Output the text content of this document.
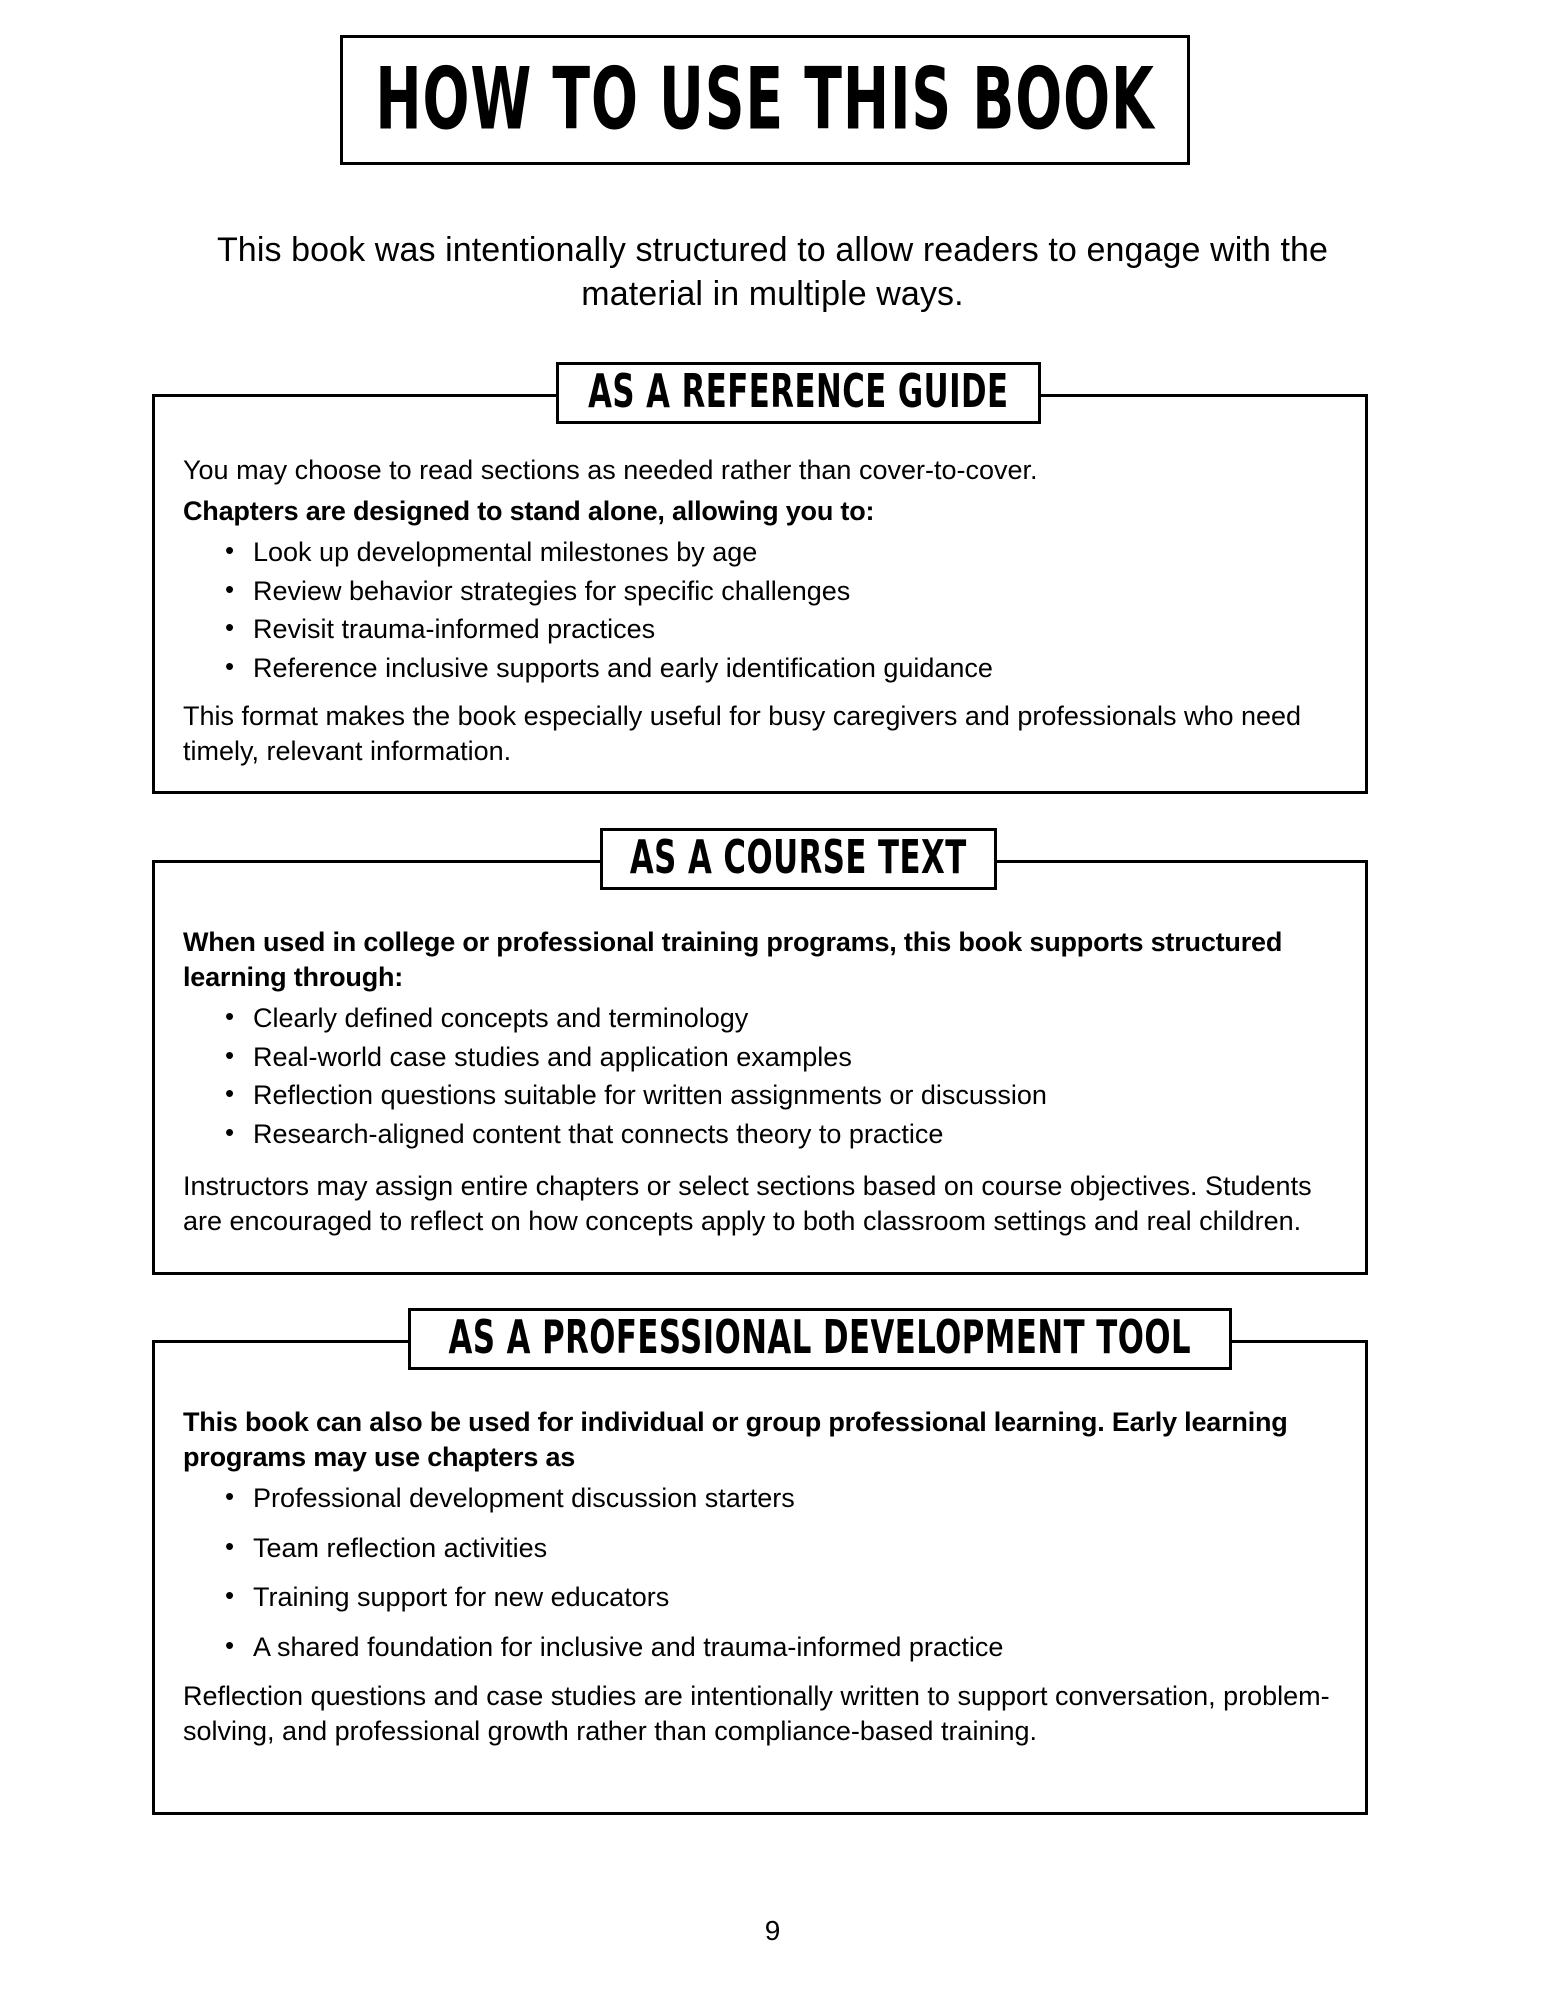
HOW TO USE THIS BOOK
This book was intentionally structured to allow readers to engage with the material in multiple ways.

You may choose to read sections as needed rather than cover-to-cover.

Chapters are designed to stand alone, allowing you to:

• Look up developmental milestones by age
• Review behavior strategies for specific challenges
• Revisit trauma-informed practices
• Reference inclusive supports and early identification guidance

This format makes the book especially useful for busy caregivers and professionals who need timely, relevant information.

AS A REFERENCE GUIDE

When used in college or professional training programs, this book supports structured learning through:

• Clearly defined concepts and terminology
• Real-world case studies and application examples
• Reflection questions suitable for written assignments or discussion
• Research-aligned content that connects theory to practice

Instructors may assign entire chapters or select sections based on course objectives. Students are encouraged to reflect on how concepts apply to both classroom settings and real children.

AS A COURSE TEXT

This book can also be used for individual or group professional learning. Early learning programs may use chapters as

• Professional development discussion starters
• Team reflection activities
• Training support for new educators
• A shared foundation for inclusive and trauma-informed practice

Reflection questions and case studies are intentionally written to support conversation, problem-solving, and professional growth rather than compliance-based training.

AS A PROFESSIONAL DEVELOPMENT TOOL
9
